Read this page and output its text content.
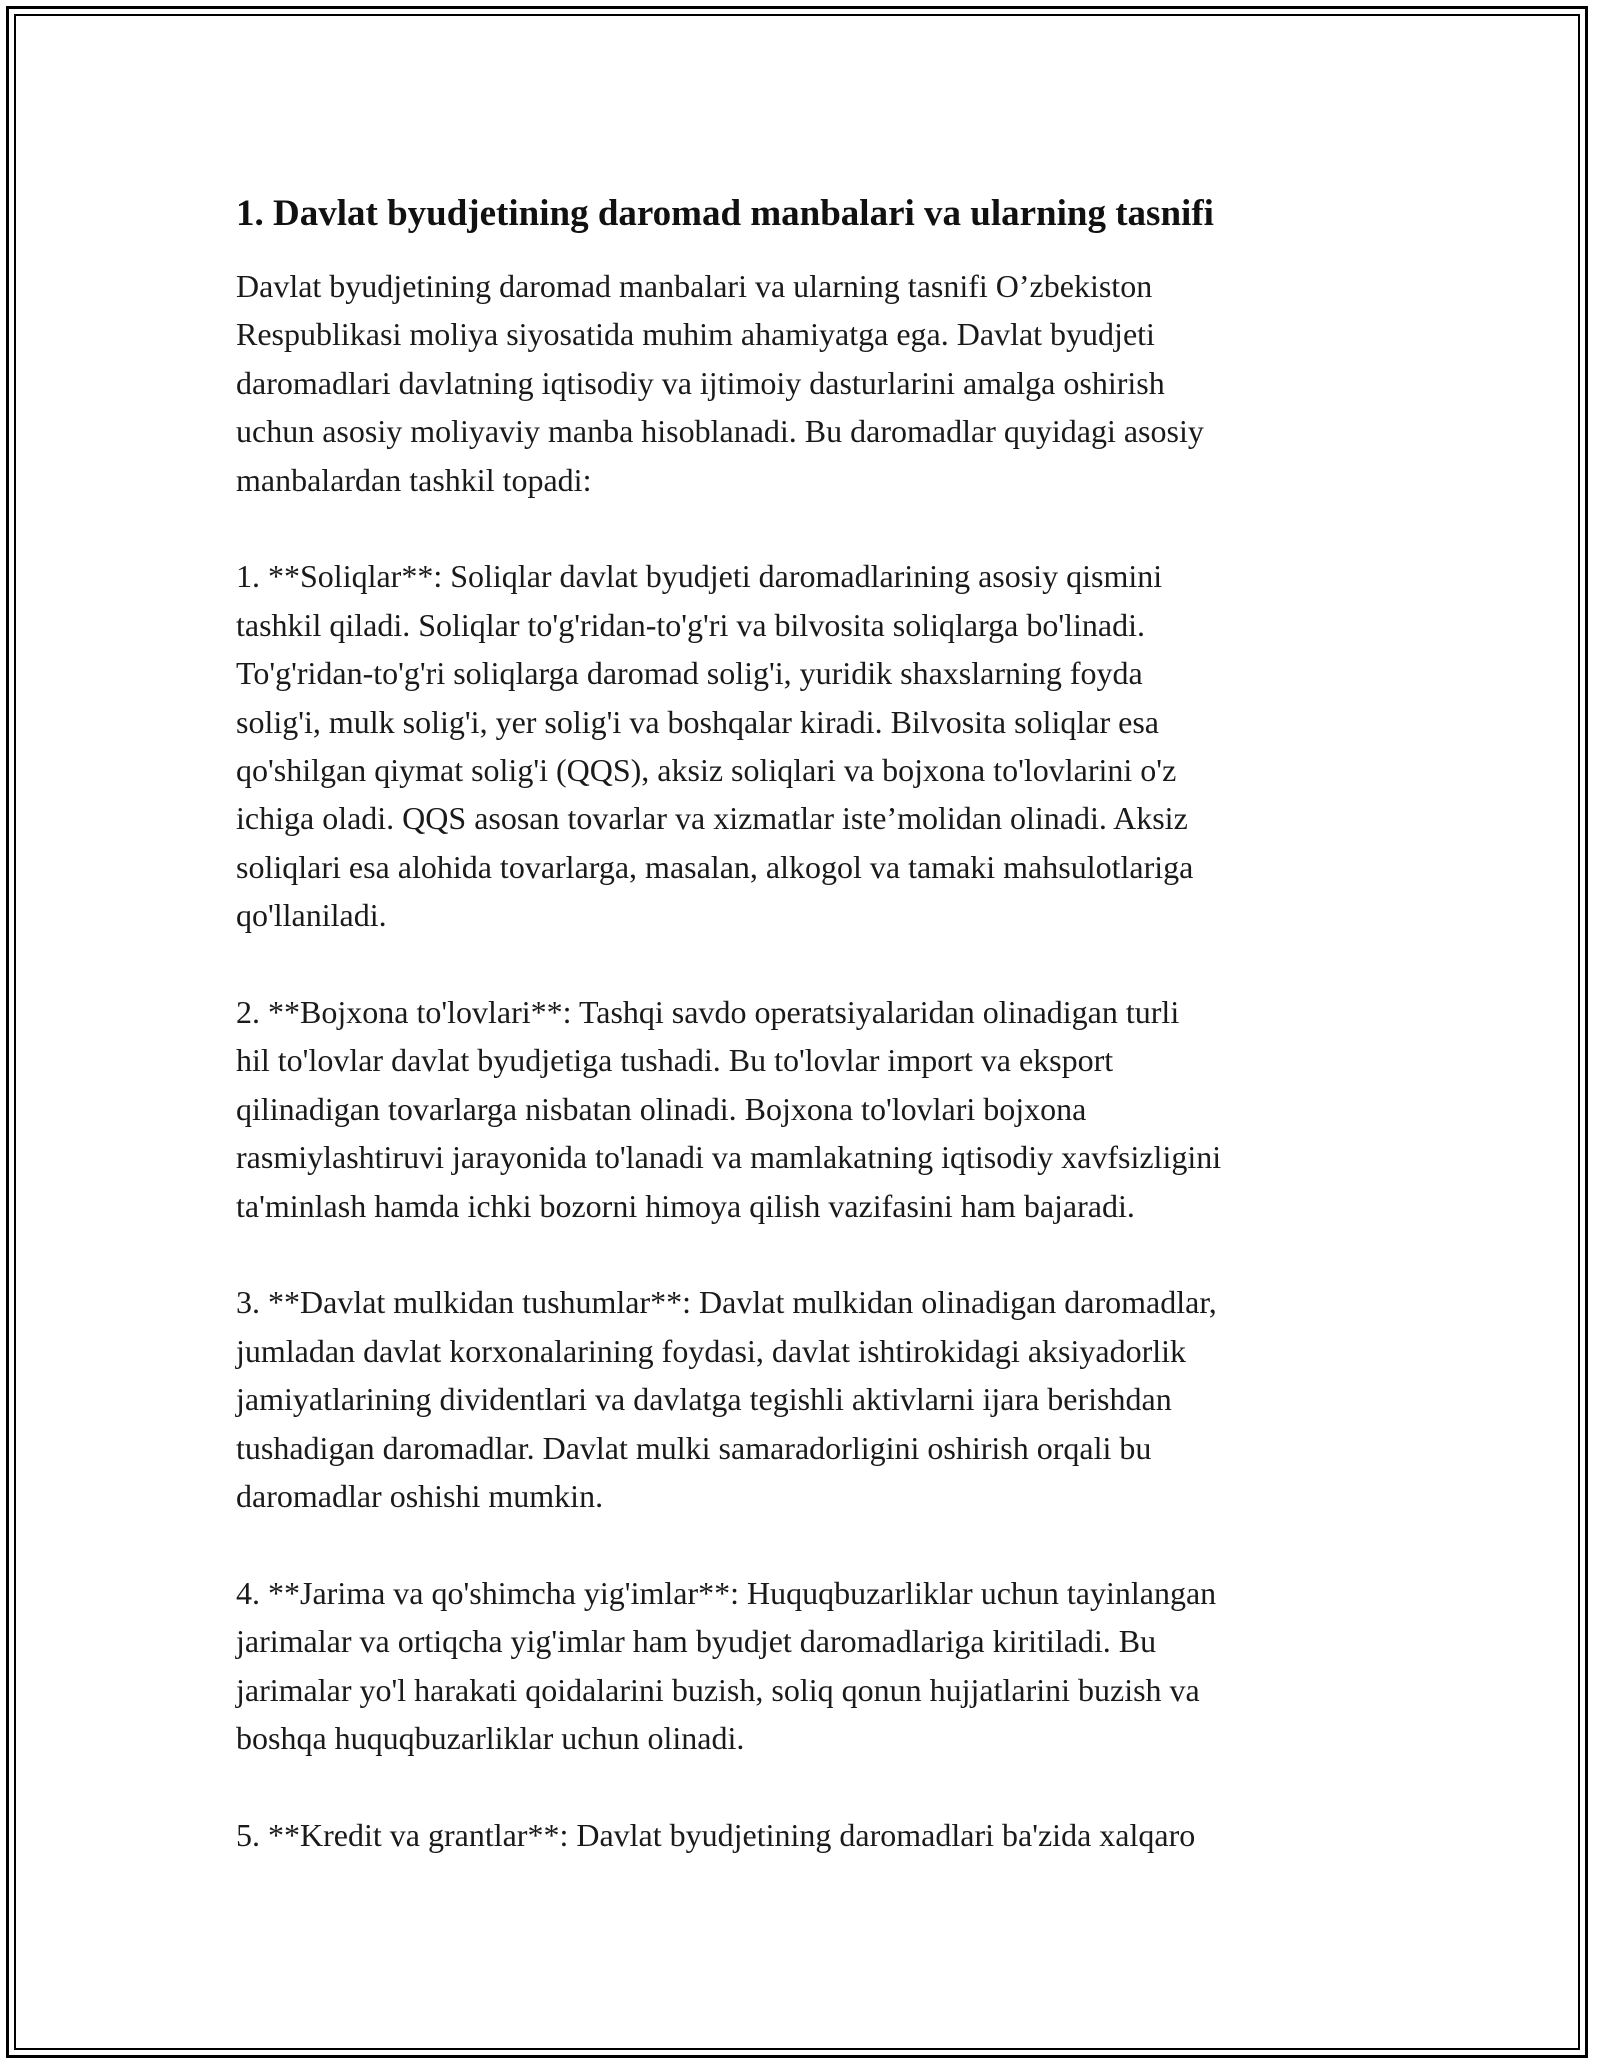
1. Davlat byudjetining daromad manbalari va ularning tasnifi
Davlat byudjetining daromad manbalari va ularning tasnifi O’zbekiston
Respublikasi moliya siyosatida muhim ahamiyatga ega. Davlat byudjeti
daromadlari davlatning iqtisodiy va ijtimoiy dasturlarini amalga oshirish
uchun asosiy moliyaviy manba hisoblanadi. Bu daromadlar quyidagi asosiy
manbalardan tashkil topadi:
1. **Soliqlar**: Soliqlar davlat byudjeti daromadlarining asosiy qismini
tashkil qiladi. Soliqlar to'g'ridan-to'g'ri va bilvosita soliqlarga bo'linadi.
To'g'ridan-to'g'ri soliqlarga daromad solig'i, yuridik shaxslarning foyda
solig'i, mulk solig'i, yer solig'i va boshqalar kiradi. Bilvosita soliqlar esa
qo'shilgan qiymat solig'i (QQS), aksiz soliqlari va bojxona to'lovlarini o'z
ichiga oladi. QQS asosan tovarlar va xizmatlar iste’molidan olinadi. Aksiz
soliqlari esa alohida tovarlarga, masalan, alkogol va tamaki mahsulotlariga
qo'llaniladi.
2. **Bojxona to'lovlari**: Tashqi savdo operatsiyalaridan olinadigan turli
hil to'lovlar davlat byudjetiga tushadi. Bu to'lovlar import va eksport
qilinadigan tovarlarga nisbatan olinadi. Bojxona to'lovlari bojxona
rasmiylashtiruvi jarayonida to'lanadi va mamlakatning iqtisodiy xavfsizligini
ta'minlash hamda ichki bozorni himoya qilish vazifasini ham bajaradi.
3. **Davlat mulkidan tushumlar**: Davlat mulkidan olinadigan daromadlar,
jumladan davlat korxonalarining foydasi, davlat ishtirokidagi aksiyadorlik
jamiyatlarining dividentlari va davlatga tegishli aktivlarni ijara berishdan
tushadigan daromadlar. Davlat mulki samaradorligini oshirish orqali bu
daromadlar oshishi mumkin.
4. **Jarima va qo'shimcha yig'imlar**: Huquqbuzarliklar uchun tayinlangan
jarimalar va ortiqcha yig'imlar ham byudjet daromadlariga kiritiladi. Bu
jarimalar yo'l harakati qoidalarini buzish, soliq qonun hujjatlarini buzish va
boshqa huquqbuzarliklar uchun olinadi.
5. **Kredit va grantlar**: Davlat byudjetining daromadlari ba'zida xalqaro
